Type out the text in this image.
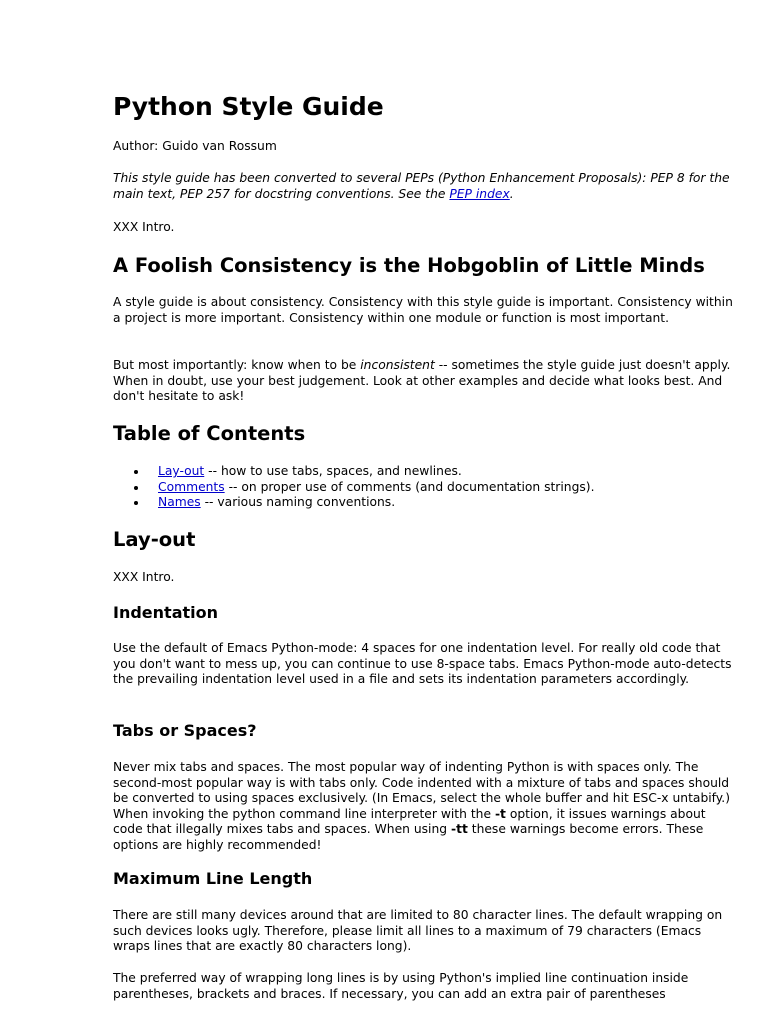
Python Style Guide

Author: Guido van Rossum

This style guide has been converted to several PEPs (Python Enhancement Proposals): PEP 8 for the main text, PEP 257 for docstring conventions. See the PEP index.

XXX Intro.

A Foolish Consistency is the Hobgoblin of Little Minds

A style guide is about consistency. Consistency with this style guide is important. Consistency within a project is more important. Consistency within one module or function is most important.

But most importantly: know when to be inconsistent -- sometimes the style guide just doesn't apply. When in doubt, use your best judgement. Look at other examples and decide what looks best. And don't hesitate to ask!

Table of Contents
Lay-out -- how to use tabs, spaces, and newlines.
Comments -- on proper use of comments (and documentation strings).
Names -- various naming conventions.
Lay-out

XXX Intro.

Indentation

Use the default of Emacs Python-mode: 4 spaces for one indentation level. For really old code that you don't want to mess up, you can continue to use 8-space tabs. Emacs Python-mode auto-detects the prevailing indentation level used in a file and sets its indentation parameters accordingly.

Tabs or Spaces?

Never mix tabs and spaces. The most popular way of indenting Python is with spaces only. The second-most popular way is with tabs only. Code indented with a mixture of tabs and spaces should be converted to using spaces exclusively. (In Emacs, select the whole buffer and hit ESC-x untabify.) When invoking the python command line interpreter with the -t option, it issues warnings about code that illegally mixes tabs and spaces. When using -tt these warnings become errors. These options are highly recommended!

Maximum Line Length

There are still many devices around that are limited to 80 character lines. The default wrapping on such devices looks ugly. Therefore, please limit all lines to a maximum of 79 characters (Emacs wraps lines that are exactly 80 characters long).

The preferred way of wrapping long lines is by using Python's implied line continuation inside parentheses, brackets and braces. If necessary, you can add an extra pair of parentheses
